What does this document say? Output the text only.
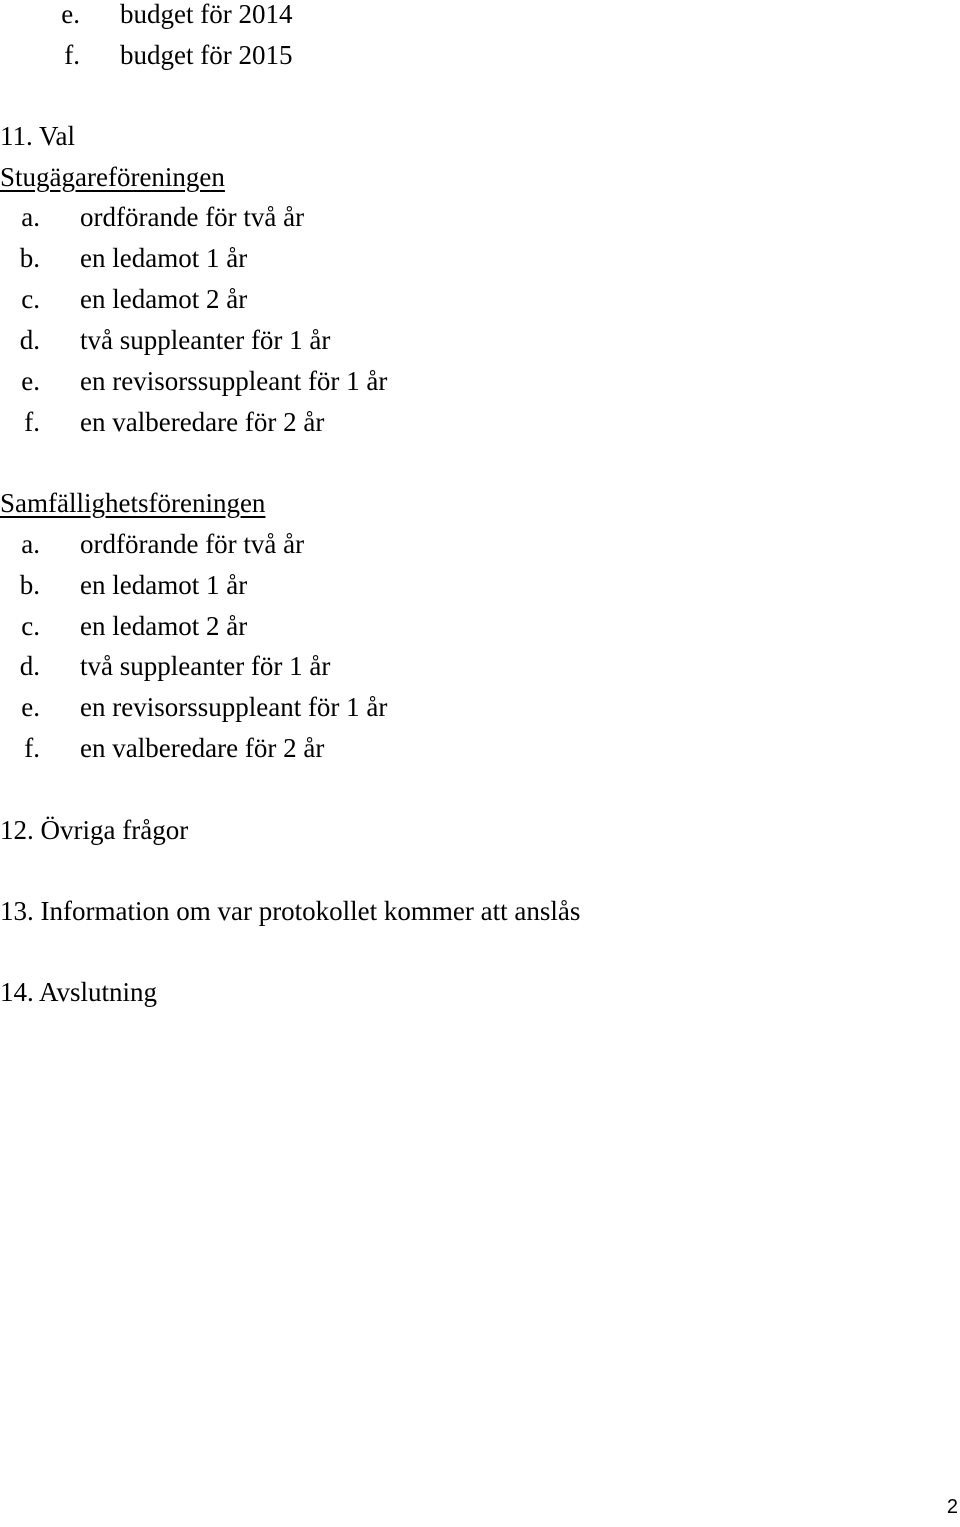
e. budget för 2014
f. budget för 2015
11. Val
Stugägareföreningen
a. ordförande för två år
b. en ledamot 1 år
c. en ledamot 2 år
d. två suppleanter för 1 år
e. en revisorssuppleant för 1 år
f. en valberedare för 2 år
Samfällighetsföreningen
a. ordförande för två år
b. en ledamot 1 år
c. en ledamot 2 år
d. två suppleanter för 1 år
e. en revisorssuppleant för 1 år
f. en valberedare för 2 år
12. Övriga frågor
13. Information om var protokollet kommer att anslås
14. Avslutning
2
